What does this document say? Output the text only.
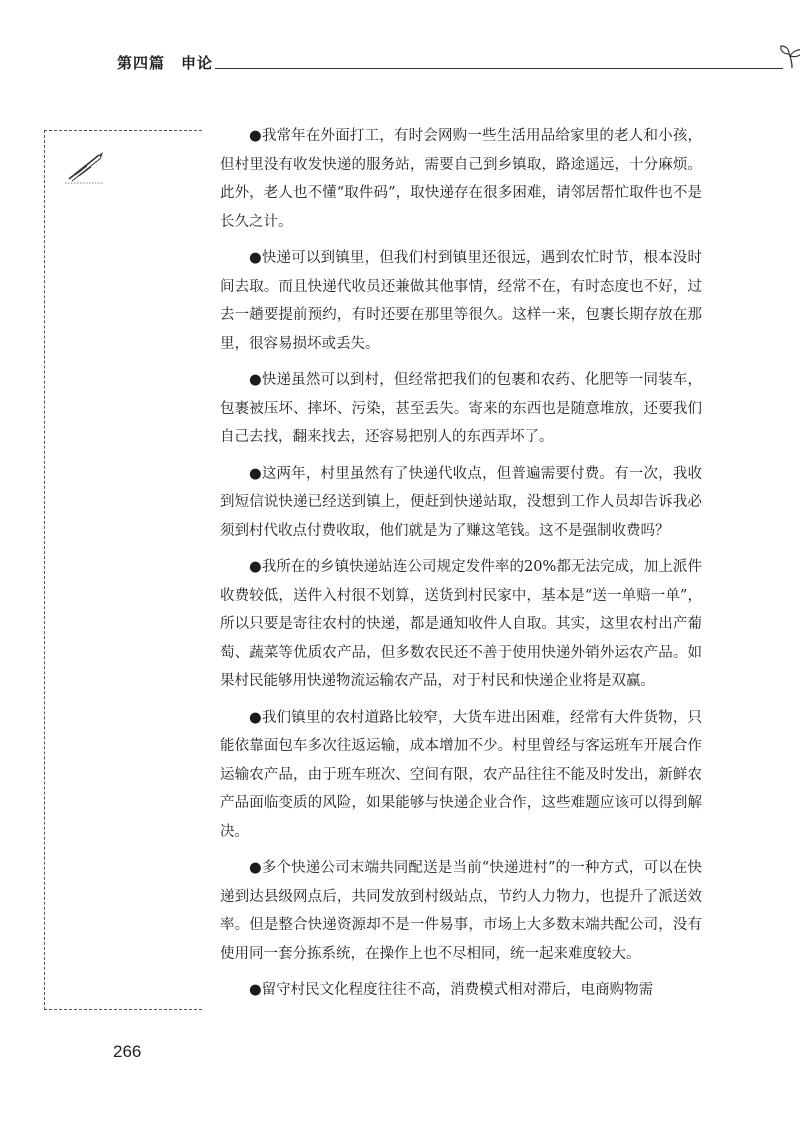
第四篇　申论

●我常年在外面打工，有时会网购一些生活用品给家里的老人和小孩，但村里没有收发快递的服务站，需要自己到乡镇取，路途遥远，十分麻烦。此外，老人也不懂“取件码”，取快递存在很多困难，请邻居帮忙取件也不是长久之计。

●快递可以到镇里，但我们村到镇里还很远，遇到农忙时节，根本没时间去取。而且快递代收员还兼做其他事情，经常不在，有时态度也不好，过去一趟要提前预约，有时还要在那里等很久。这样一来，包裹长期存放在那里，很容易损坏或丢失。

●快递虽然可以到村，但经常把我们的包裹和农药、化肥等一同装车，包裹被压坏、摔坏、污染，甚至丢失。寄来的东西也是随意堆放，还要我们自己去找，翻来找去，还容易把别人的东西弄坏了。

●这两年，村里虽然有了快递代收点，但普遍需要付费。有一次，我收到短信说快递已经送到镇上，便赶到快递站取，没想到工作人员却告诉我必须到村代收点付费收取，他们就是为了赚这笔钱。这不是强制收费吗？

●我所在的乡镇快递站连公司规定发件率的20%都无法完成，加上派件收费较低，送件入村很不划算，送货到村民家中，基本是“送一单赔一单”，所以只要是寄往农村的快递，都是通知收件人自取。其实，这里农村出产葡萄、蔬菜等优质农产品，但多数农民还不善于使用快递外销外运农产品。如果村民能够用快递物流运输农产品，对于村民和快递企业将是双赢。

●我们镇里的农村道路比较窄，大货车进出困难，经常有大件货物，只能依靠面包车多次往返运输，成本增加不少。村里曾经与客运班车开展合作运输农产品，由于班车班次、空间有限，农产品往往不能及时发出，新鲜农产品面临变质的风险，如果能够与快递企业合作，这些难题应该可以得到解决。

●多个快递公司末端共同配送是当前“快递进村”的一种方式，可以在快递到达县级网点后，共同发放到村级站点，节约人力物力，也提升了派送效率。但是整合快递资源却不是一件易事，市场上大多数末端共配公司，没有使用同一套分拣系统，在操作上也不尽相同，统一起来难度较大。

●留守村民文化程度往往不高，消费模式相对滞后，电商购物需

266
